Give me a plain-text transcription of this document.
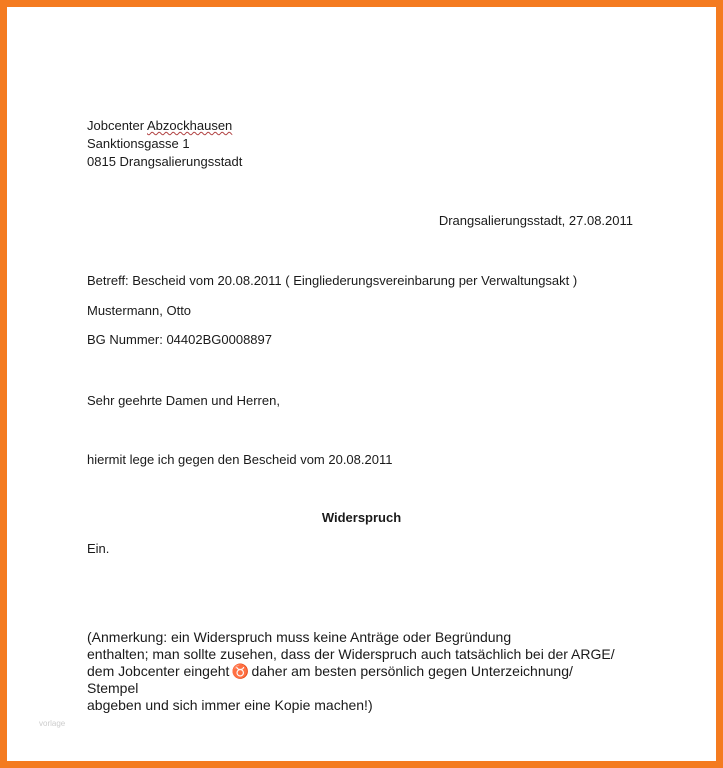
Jobcenter Abzockhausen
Sanktionsgasse 1
0815 Drangsalierungsstadt
Drangsalierungsstadt, 27.08.2011
Betreff: Bescheid vom 20.08.2011 ( Eingliederungsvereinbarung per Verwaltungsakt )
Mustermann, Otto
BG Nummer: 04402BG0008897
Sehr geehrte Damen und Herren,
hiermit lege ich gegen den Bescheid vom 20.08.2011
Widerspruch
Ein.
(Anmerkung: ein Widerspruch muss keine Anträge oder Begründung
enthalten; man sollte zusehen, dass der Widerspruch auch tatsächlich bei der ARGE/
dem Jobcenter eingeht ♉ daher am besten persönlich gegen Unterzeichnung/
Stempel
abgeben und sich immer eine Kopie machen!)
vorlage
